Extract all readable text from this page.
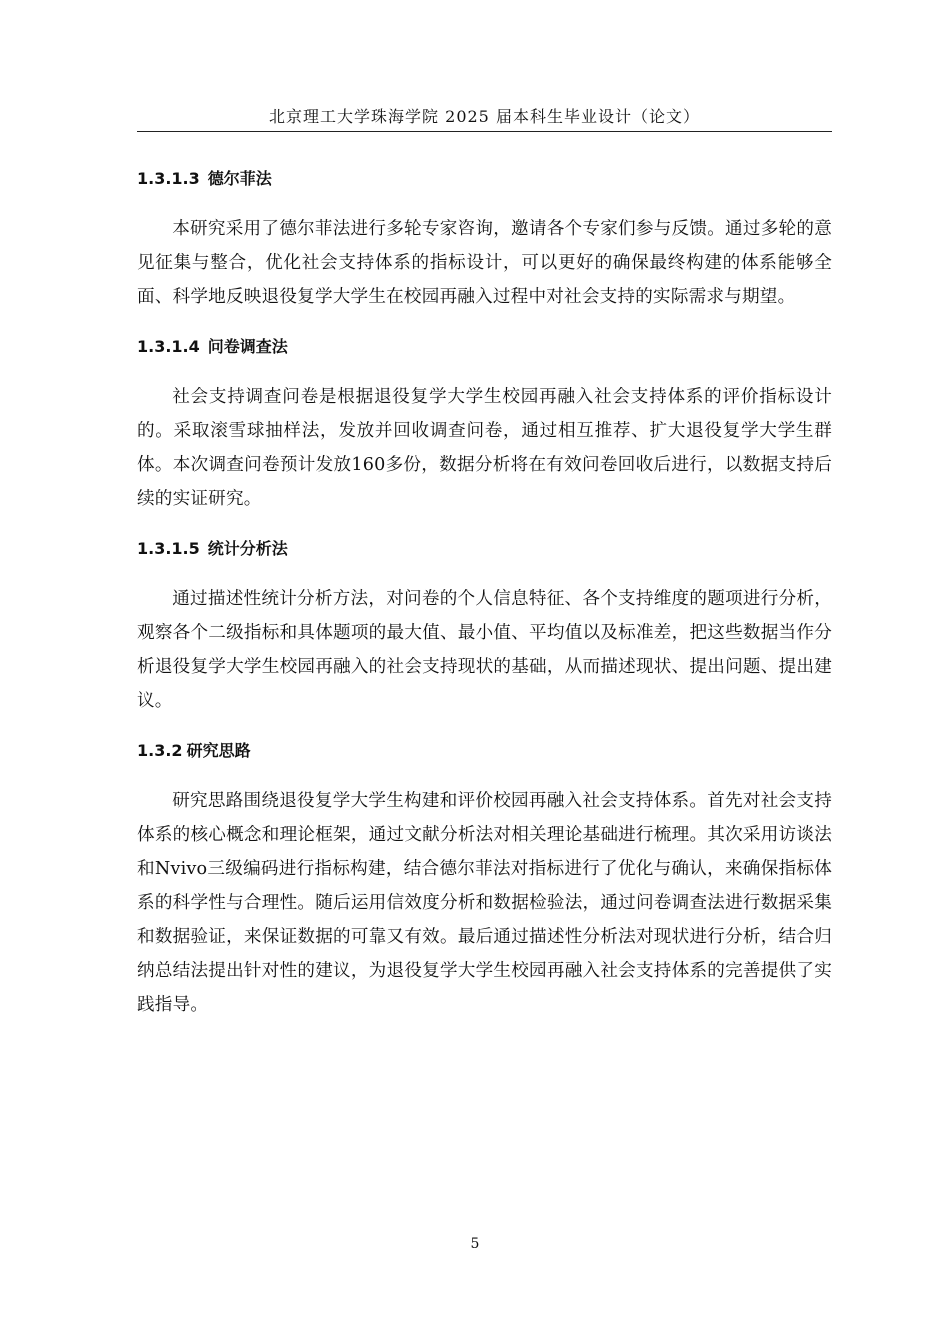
北京理工大学珠海学院 2025 届本科生毕业设计（论文）
1.3.1.3 德尔菲法

本研究采用了德尔菲法进行多轮专家咨询，邀请各个专家们参与反馈。通过多轮的意见征集与整合，优化社会支持体系的指标设计，可以更好的确保最终构建的体系能够全面、科学地反映退役复学大学生在校园再融入过程中对社会支持的实际需求与期望。

1.3.1.4 问卷调查法

社会支持调查问卷是根据退役复学大学生校园再融入社会支持体系的评价指标设计的。采取滚雪球抽样法，发放并回收调查问卷，通过相互推荐、扩大退役复学大学生群体。本次调查问卷预计发放160多份，数据分析将在有效问卷回收后进行，以数据支持后续的实证研究。

1.3.1.5 统计分析法

通过描述性统计分析方法，对问卷的个人信息特征、各个支持维度的题项进行分析，观察各个二级指标和具体题项的最大值、最小值、平均值以及标准差，把这些数据当作分析退役复学大学生校园再融入的社会支持现状的基础，从而描述现状、提出问题、提出建议。

1.3.2 研究思路

研究思路围绕退役复学大学生构建和评价校园再融入社会支持体系。首先对社会支持体系的核心概念和理论框架，通过文献分析法对相关理论基础进行梳理。其次采用访谈法和Nvivo三级编码进行指标构建，结合德尔菲法对指标进行了优化与确认，来确保指标体系的科学性与合理性。随后运用信效度分析和数据检验法，通过问卷调查法进行数据采集和数据验证，来保证数据的可靠又有效。最后通过描述性分析法对现状进行分析，结合归纳总结法提出针对性的建议，为退役复学大学生校园再融入社会支持体系的完善提供了实践指导。

5
